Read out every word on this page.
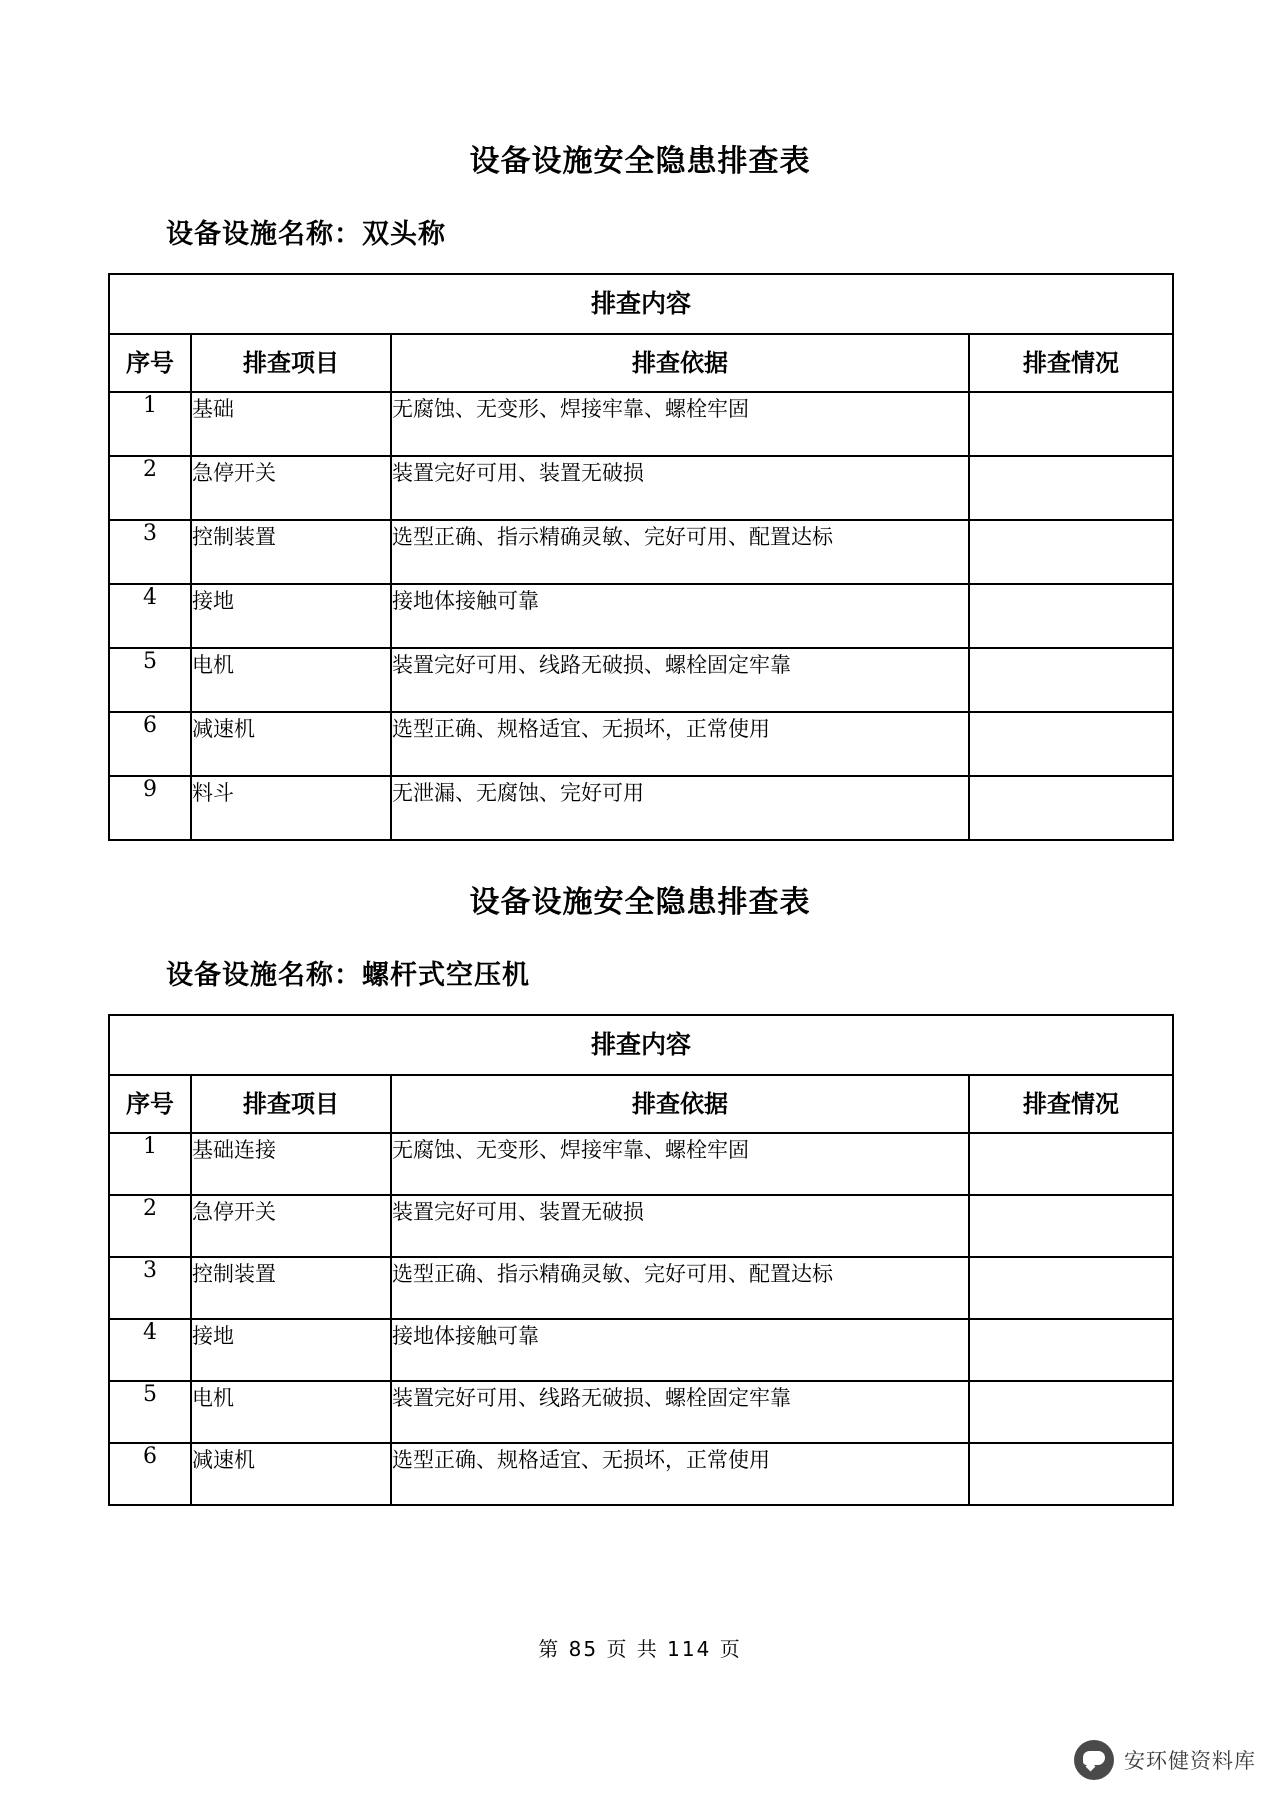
设备设施安全隐患排查表
设备设施名称：双头称
排查内容			
序号	排查项目	排查依据	排查情况
1	基础	无腐蚀、无变形、焊接牢靠、螺栓牢固	
2	急停开关	装置完好可用、装置无破损	
3	控制装置	选型正确、指示精确灵敏、完好可用、配置达标	
4	接地	接地体接触可靠	
5	电机	装置完好可用、线路无破损、螺栓固定牢靠	
6	减速机	选型正确、规格适宜、无损坏，正常使用	
9	料斗	无泄漏、无腐蚀、完好可用	
设备设施安全隐患排查表
设备设施名称：螺杆式空压机
排查内容			
序号	排查项目	排查依据	排查情况
1	基础连接	无腐蚀、无变形、焊接牢靠、螺栓牢固	
2	急停开关	装置完好可用、装置无破损	
3	控制装置	选型正确、指示精确灵敏、完好可用、配置达标	
4	接地	接地体接触可靠	
5	电机	装置完好可用、线路无破损、螺栓固定牢靠	
6	减速机	选型正确、规格适宜、无损坏，正常使用	
第 85 页 共 114 页
安环健资料库
